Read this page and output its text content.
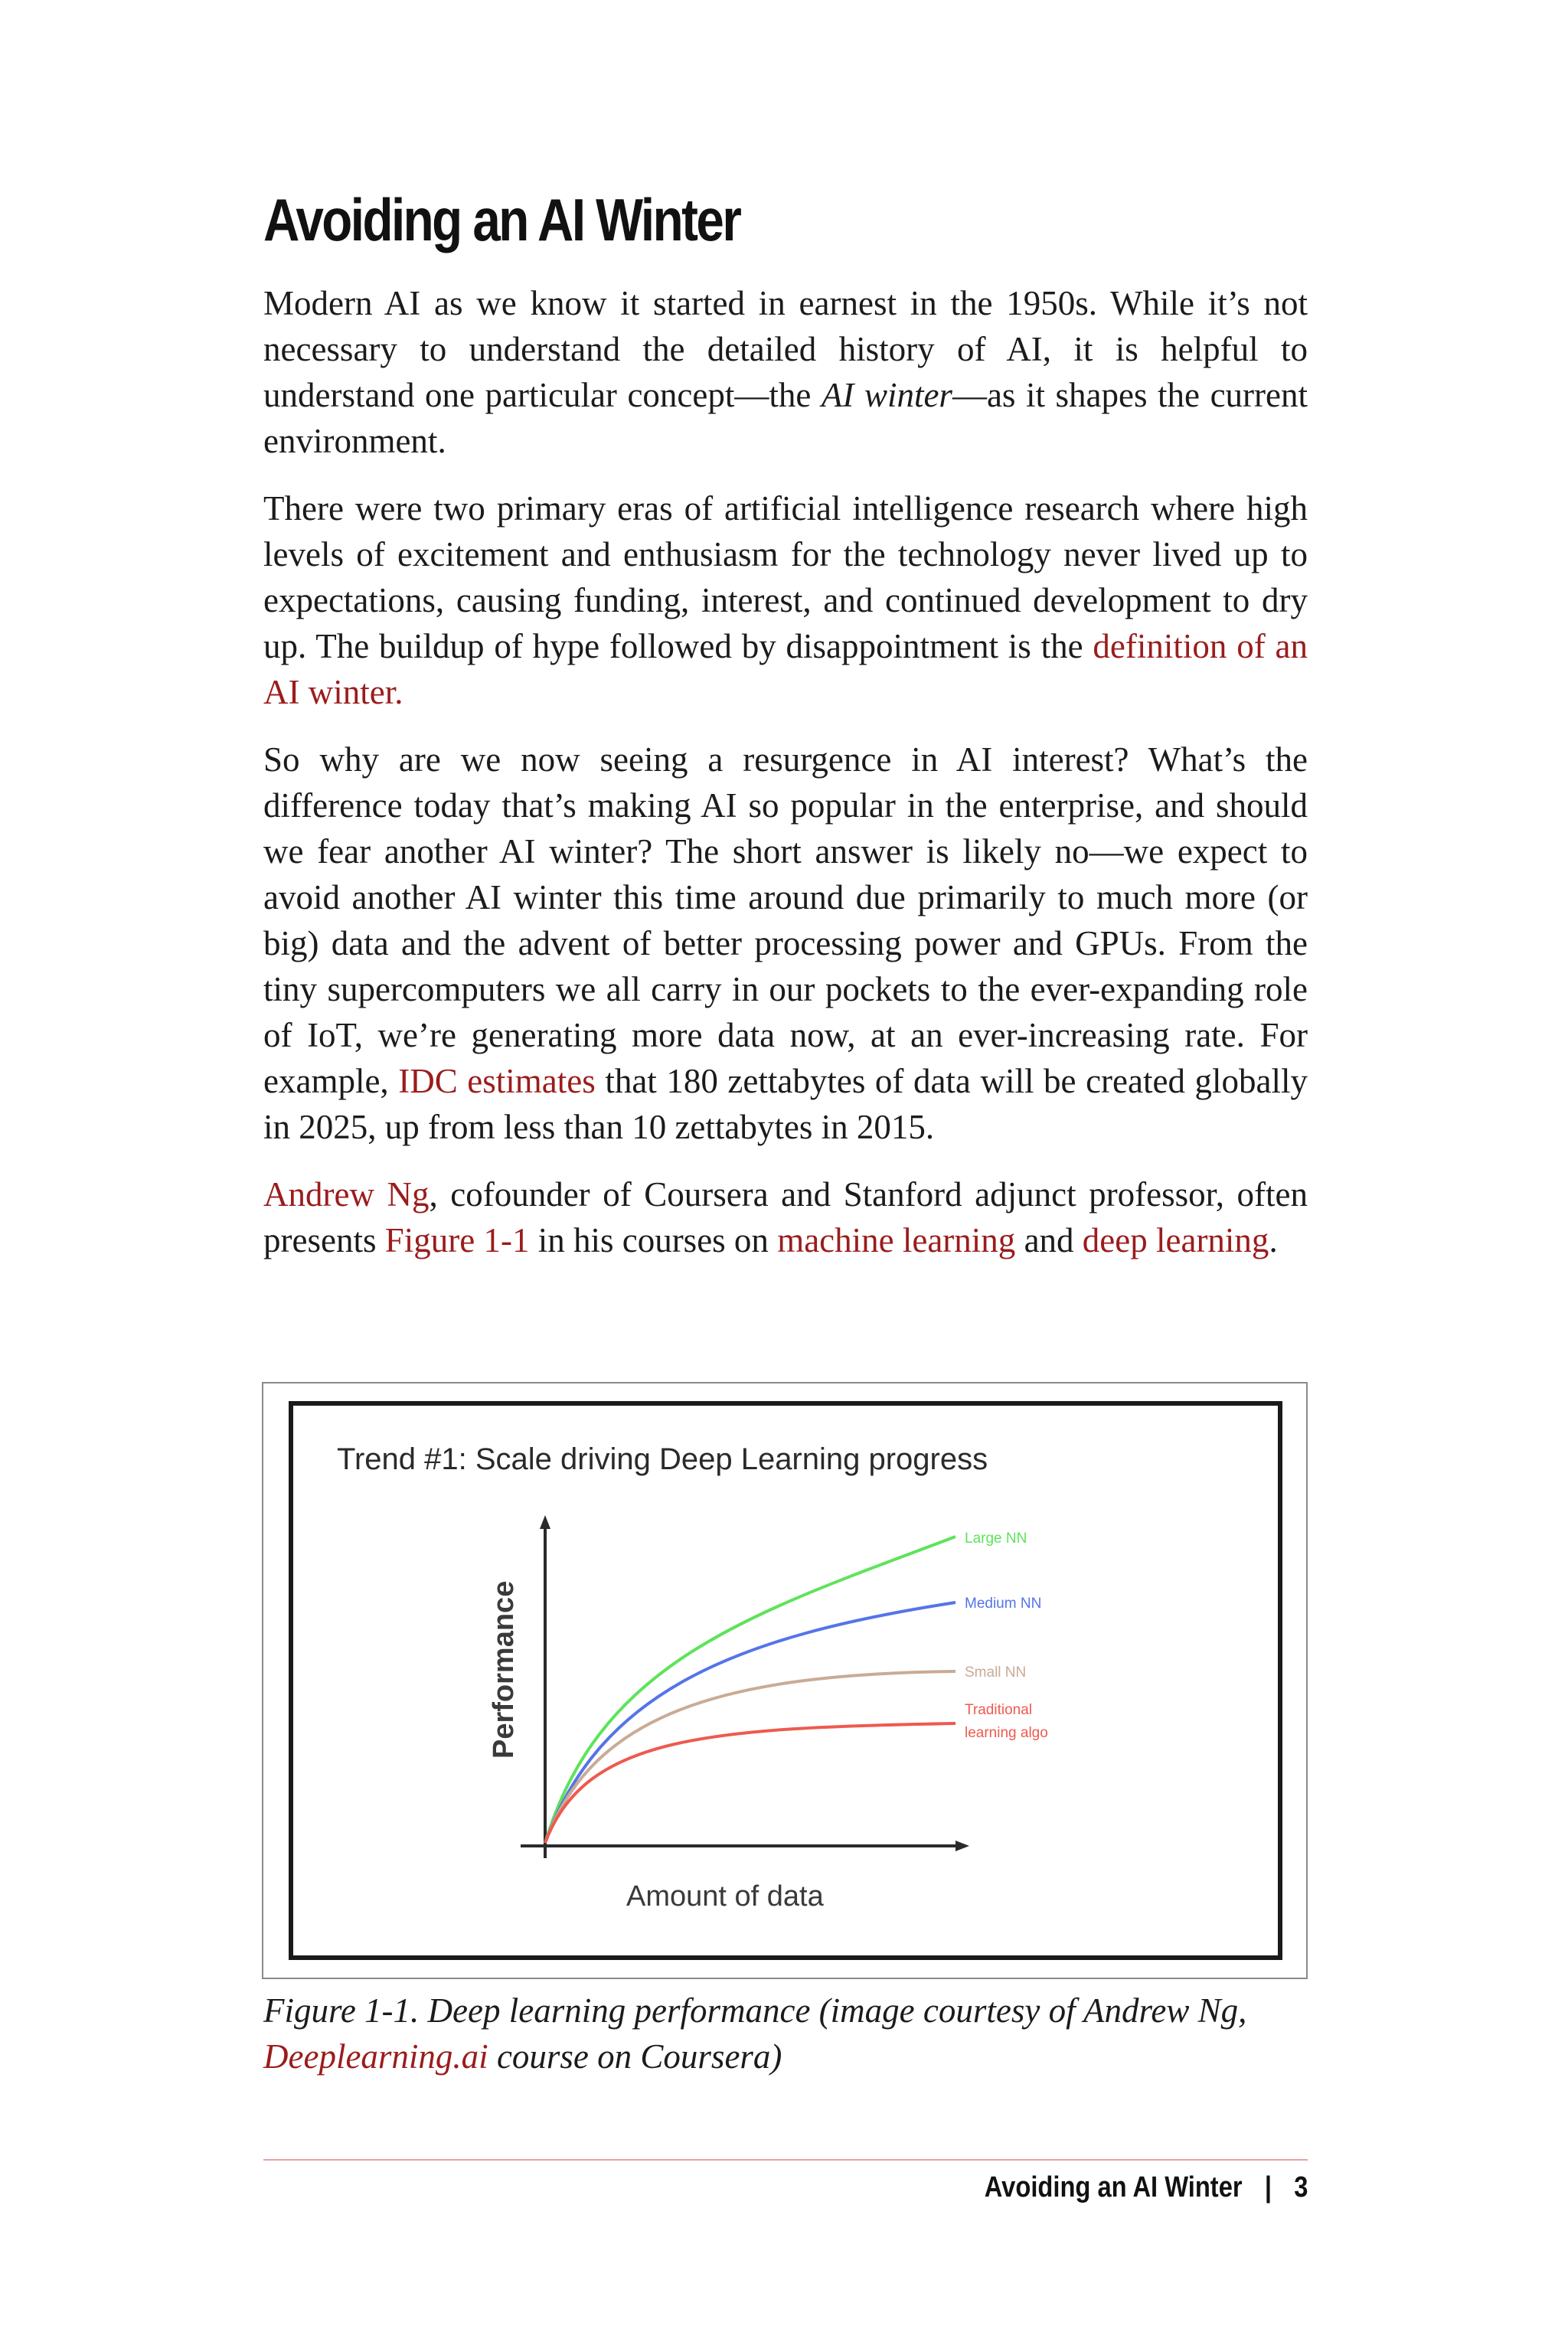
Avoiding an AI Winter

Modern AI as we know it started in earnest in the 1950s. While it’s not necessary to understand the detailed history of AI, it is helpful to understand one particular concept—the AI winter—as it shapes the current environment.

There were two primary eras of artificial intelligence research where high levels of excitement and enthusiasm for the technology never lived up to expectations, causing funding, interest, and continued development to dry up. The buildup of hype followed by disappointment is the definition of an AI winter.

So why are we now seeing a resurgence in AI interest? What’s the difference today that’s making AI so popular in the enterprise, and should we fear another AI winter? The short answer is likely no—we expect to avoid another AI winter this time around due primarily to much more (or big) data and the advent of better processing power and GPUs. From the tiny supercomputers we all carry in our pockets to the ever-expanding role of IoT, we’re generating more data now, at an ever-increasing rate. For example, IDC estimates that 180 zettabytes of data will be created globally in 2025, up from less than 10 zettabytes in 2015.

Andrew Ng, cofounder of Coursera and Stanford adjunct professor, often presents Figure 1-1 in his courses on machine learning and deep learning.

Trend #1: Scale driving Deep Learning progress
Performance
Amount of data
Large NN
Medium NN
Small NN
Traditional
learning algo
Figure 1-1. Deep learning performance (image courtesy of Andrew Ng, Deeplearning.ai course on Coursera)
Avoiding an AI Winter | 3
